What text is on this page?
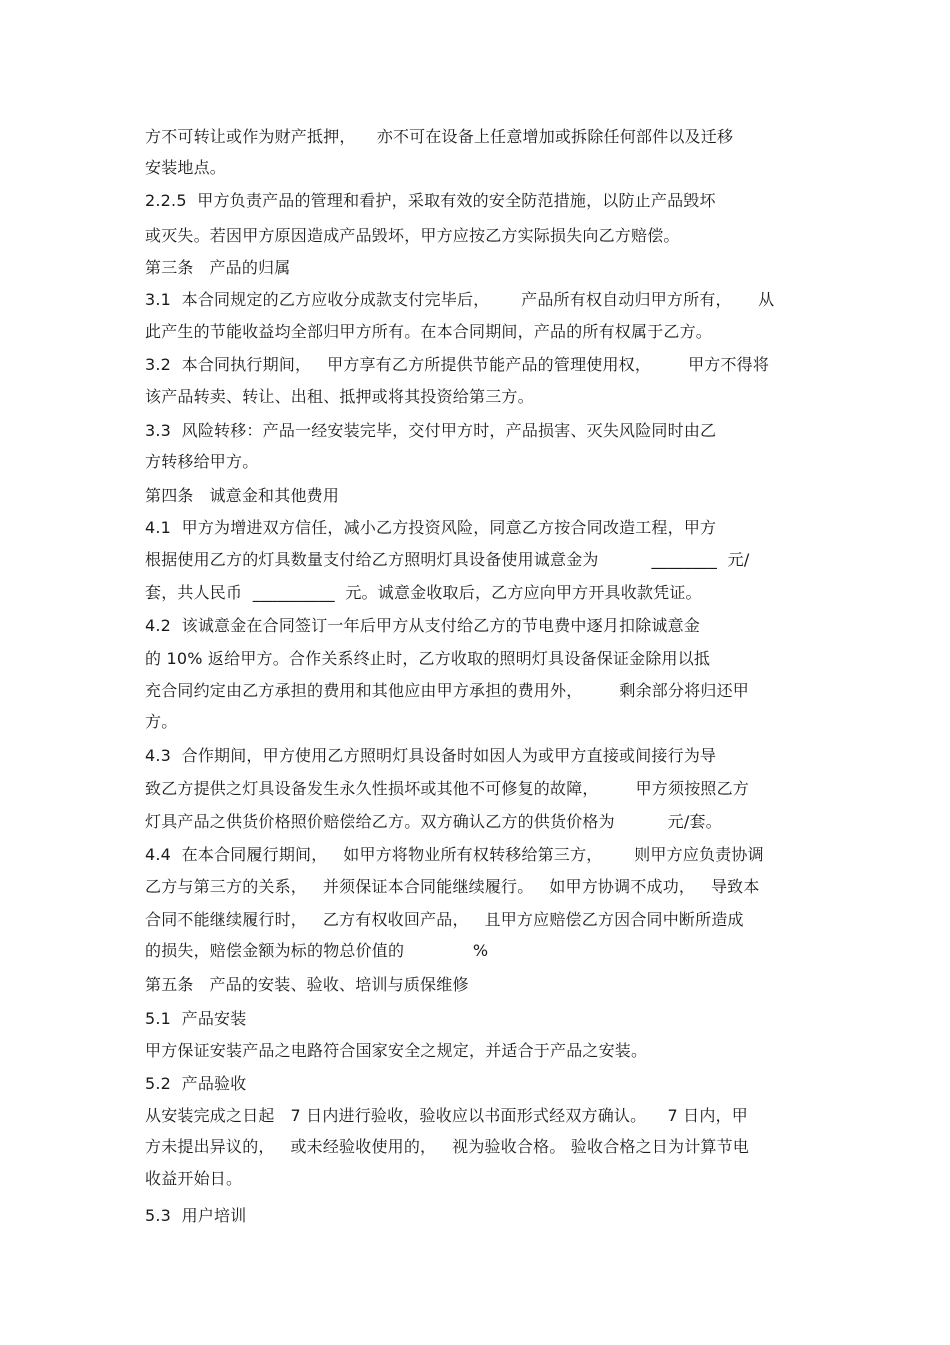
方不可转让或作为财产抵押，    亦不可在设备上任意增加或拆除任何部件以及迁移
安装地点。
2.2.5  甲方负责产品的管理和看护，采取有效的安全防范措施，以防止产品毁坏
或灭失。若因甲方原因造成产品毁坏，甲方应按乙方实际损失向乙方赔偿。
第三条   产品的归属
3.1  本合同规定的乙方应收分成款支付完毕后，      产品所有权自动归甲方所有，     从
此产生的节能收益均全部归甲方所有。在本合同期间，产品的所有权属于乙方。
3.2  本合同执行期间，   甲方享有乙方所提供节能产品的管理使用权，       甲方不得将
该产品转卖、转让、出租、抵押或将其投资给第三方。
3.3  风险转移：产品一经安装完毕，交付甲方时，产品损害、灭失风险同时由乙
方转移给甲方。
第四条   诚意金和其他费用
4.1  甲方为增进双方信任，减小乙方投资风险，同意乙方按合同改造工程，甲方
根据使用乙方的灯具数量支付给乙方照明灯具设备使用诚意金为          ________  元/
套，共人民币  __________  元。诚意金收取后，乙方应向甲方开具收款凭证。
4.2  该诚意金在合同签订一年后甲方从支付给乙方的节电费中逐月扣除诚意金
的 10% 返给甲方。合作关系终止时，乙方收取的照明灯具设备保证金除用以抵
充合同约定由乙方承担的费用和其他应由甲方承担的费用外，       剩余部分将归还甲
方。
4.3  合作期间，甲方使用乙方照明灯具设备时如因人为或甲方直接或间接行为导
致乙方提供之灯具设备发生永久性损坏或其他不可修复的故障，       甲方须按照乙方
灯具产品之供货价格照价赔偿给乙方。双方确认乙方的供货价格为          元/套。
4.4  在本合同履行期间，   如甲方将物业所有权转移给第三方，      则甲方应负责协调
乙方与第三方的关系，   并须保证本合同能继续履行。   如甲方协调不成功，   导致本
合同不能继续履行时，   乙方有权收回产品，   且甲方应赔偿乙方因合同中断所造成
的损失，赔偿金额为标的物总价值的             %
第五条   产品的安装、验收、培训与质保维修
5.1  产品安装
甲方保证安装产品之电路符合国家安全之规定，并适合于产品之安装。
5.2  产品验收
从安装完成之日起   7 日内进行验收，验收应以书面形式经双方确认。    7 日内，甲
方未提出异议的，   或未经验收使用的，   视为验收合格。 验收合格之日为计算节电
收益开始日。
5.3  用户培训
